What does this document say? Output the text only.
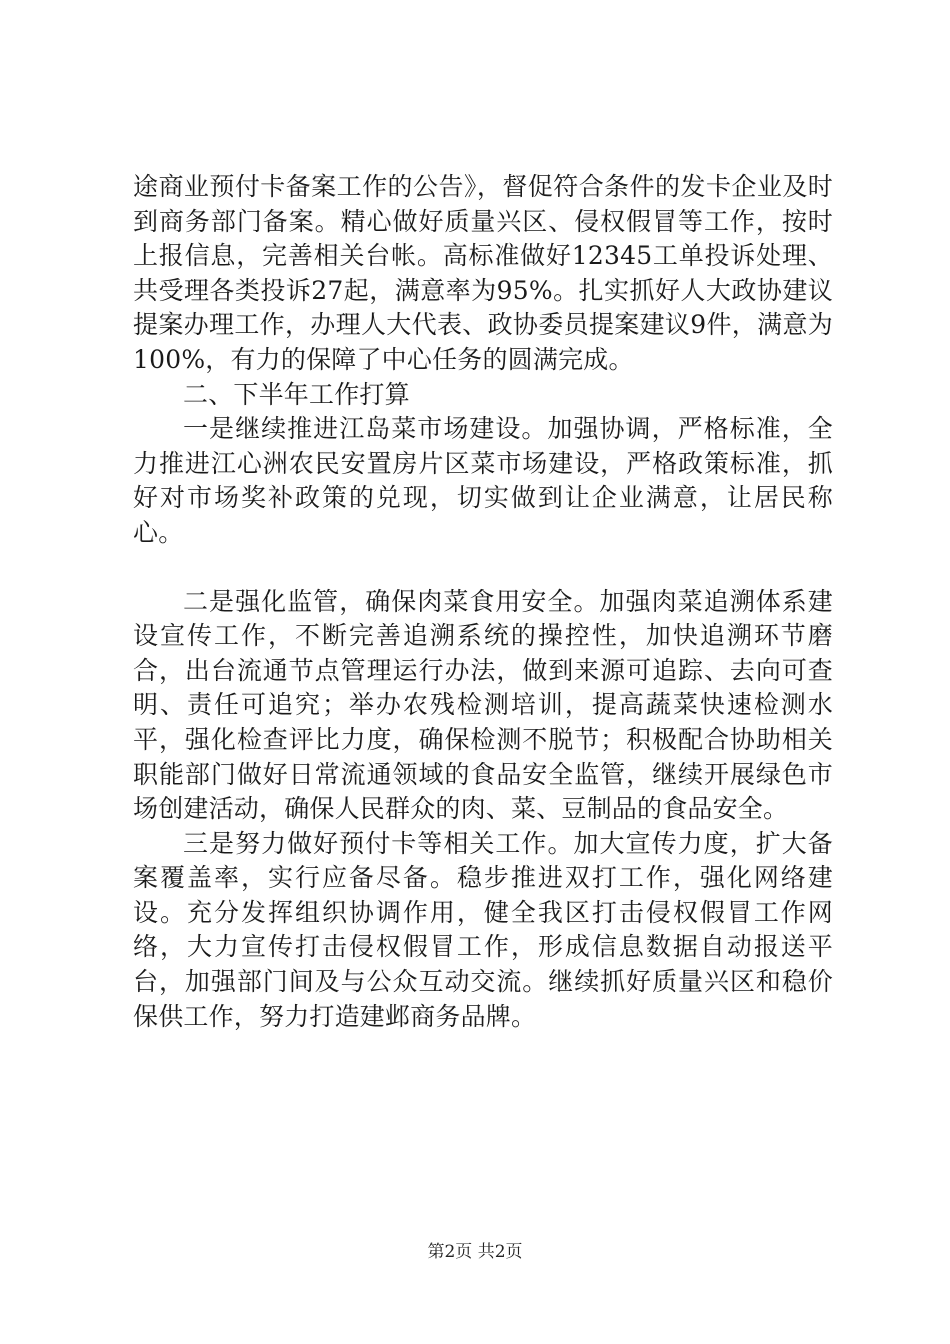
途商业预付卡备案工作的公告》，督促符合条件的发卡企业及时到商务部门备案。精心做好质量兴区、侵权假冒等工作，按时上报信息，完善相关台帐。高标准做好12345工单投诉处理、共受理各类投诉27起，满意率为95%。扎实抓好人大政协建议提案办理工作，办理人大代表、政协委员提案建议9件，满意为100%，有力的保障了中心任务的圆满完成。

二、下半年工作打算

一是继续推进江岛菜市场建设。加强协调，严格标准，全力推进江心洲农民安置房片区菜市场建设，严格政策标准，抓好对市场奖补政策的兑现，切实做到让企业满意，让居民称心。

二是强化监管，确保肉菜食用安全。加强肉菜追溯体系建设宣传工作，不断完善追溯系统的操控性，加快追溯环节磨合，出台流通节点管理运行办法，做到来源可追踪、去向可查明、责任可追究；举办农残检测培训，提高蔬菜快速检测水平，强化检查评比力度，确保检测不脱节；积极配合协助相关职能部门做好日常流通领域的食品安全监管，继续开展绿色市场创建活动，确保人民群众的肉、菜、豆制品的食品安全。

三是努力做好预付卡等相关工作。加大宣传力度，扩大备案覆盖率，实行应备尽备。稳步推进双打工作，强化网络建设。充分发挥组织协调作用，健全我区打击侵权假冒工作网络，大力宣传打击侵权假冒工作，形成信息数据自动报送平台，加强部门间及与公众互动交流。继续抓好质量兴区和稳价保供工作，努力打造建邺商务品牌。

第2页 共2页
